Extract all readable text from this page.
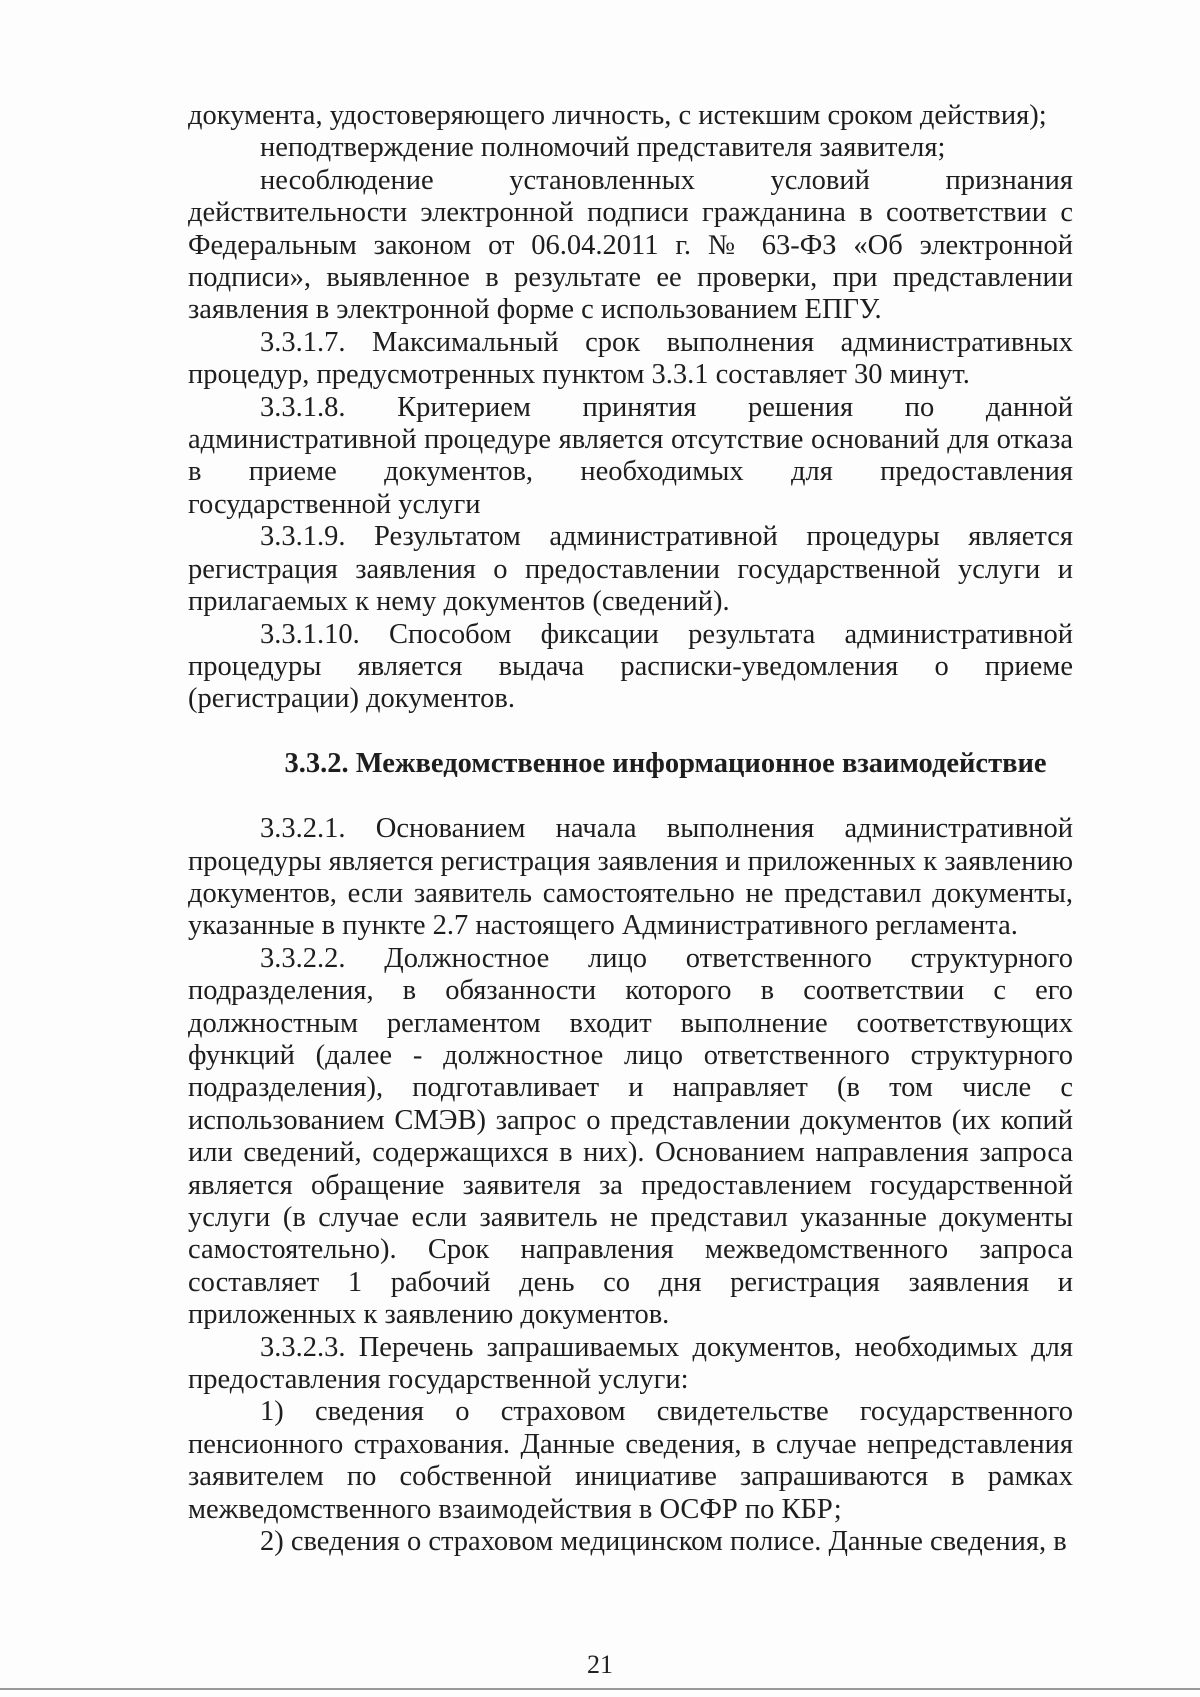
документа, удостоверяющего личность, с истекшим сроком действия);

неподтверждение полномочий представителя заявителя;

несоблюдение установленных условий признания действительности электронной подписи гражданина в соответствии с Федеральным законом от 06.04.2011 г. № 63-ФЗ «Об электронной подписи», выявленное в результате ее проверки, при представлении заявления в электронной форме с использованием ЕПГУ.

3.3.1.7. Максимальный срок выполнения административных процедур, предусмотренных пунктом 3.3.1 составляет 30 минут.

3.3.1.8. Критерием принятия решения по данной административной процедуре является отсутствие оснований для отказа в приеме документов, необходимых для предоставления государственной услуги

3.3.1.9. Результатом административной процедуры является регистрация заявления о предоставлении государственной услуги и прилагаемых к нему документов (сведений).

3.3.1.10. Способом фиксации результата административной процедуры является выдача расписки-уведомления о приеме (регистрации) документов.

3.3.2. Межведомственное информационное взаимодействие

3.3.2.1. Основанием начала выполнения административной процедуры является регистрация заявления и приложенных к заявлению документов, если заявитель самостоятельно не представил документы, указанные в пункте 2.7 настоящего Административного регламента.

3.3.2.2. Должностное лицо ответственного структурного подразделения, в обязанности которого в соответствии с его должностным регламентом входит выполнение соответствующих функций (далее - должностное лицо ответственного структурного подразделения), подготавливает и направляет (в том числе с использованием СМЭВ) запрос о представлении документов (их копий или сведений, содержащихся в них). Основанием направления запроса является обращение заявителя за предоставлением государственной услуги (в случае если заявитель не представил указанные документы самостоятельно). Срок направления межведомственного запроса составляет 1 рабочий день со дня регистрация заявления и приложенных к заявлению документов.

3.3.2.3. Перечень запрашиваемых документов, необходимых для предоставления государственной услуги:

1) сведения о страховом свидетельстве государственного пенсионного страхования. Данные сведения, в случае непредставления заявителем по собственной инициативе запрашиваются в рамках межведомственного взаимодействия в ОСФР по КБР;

2) сведения о страховом медицинском полисе. Данные сведения, в

21
